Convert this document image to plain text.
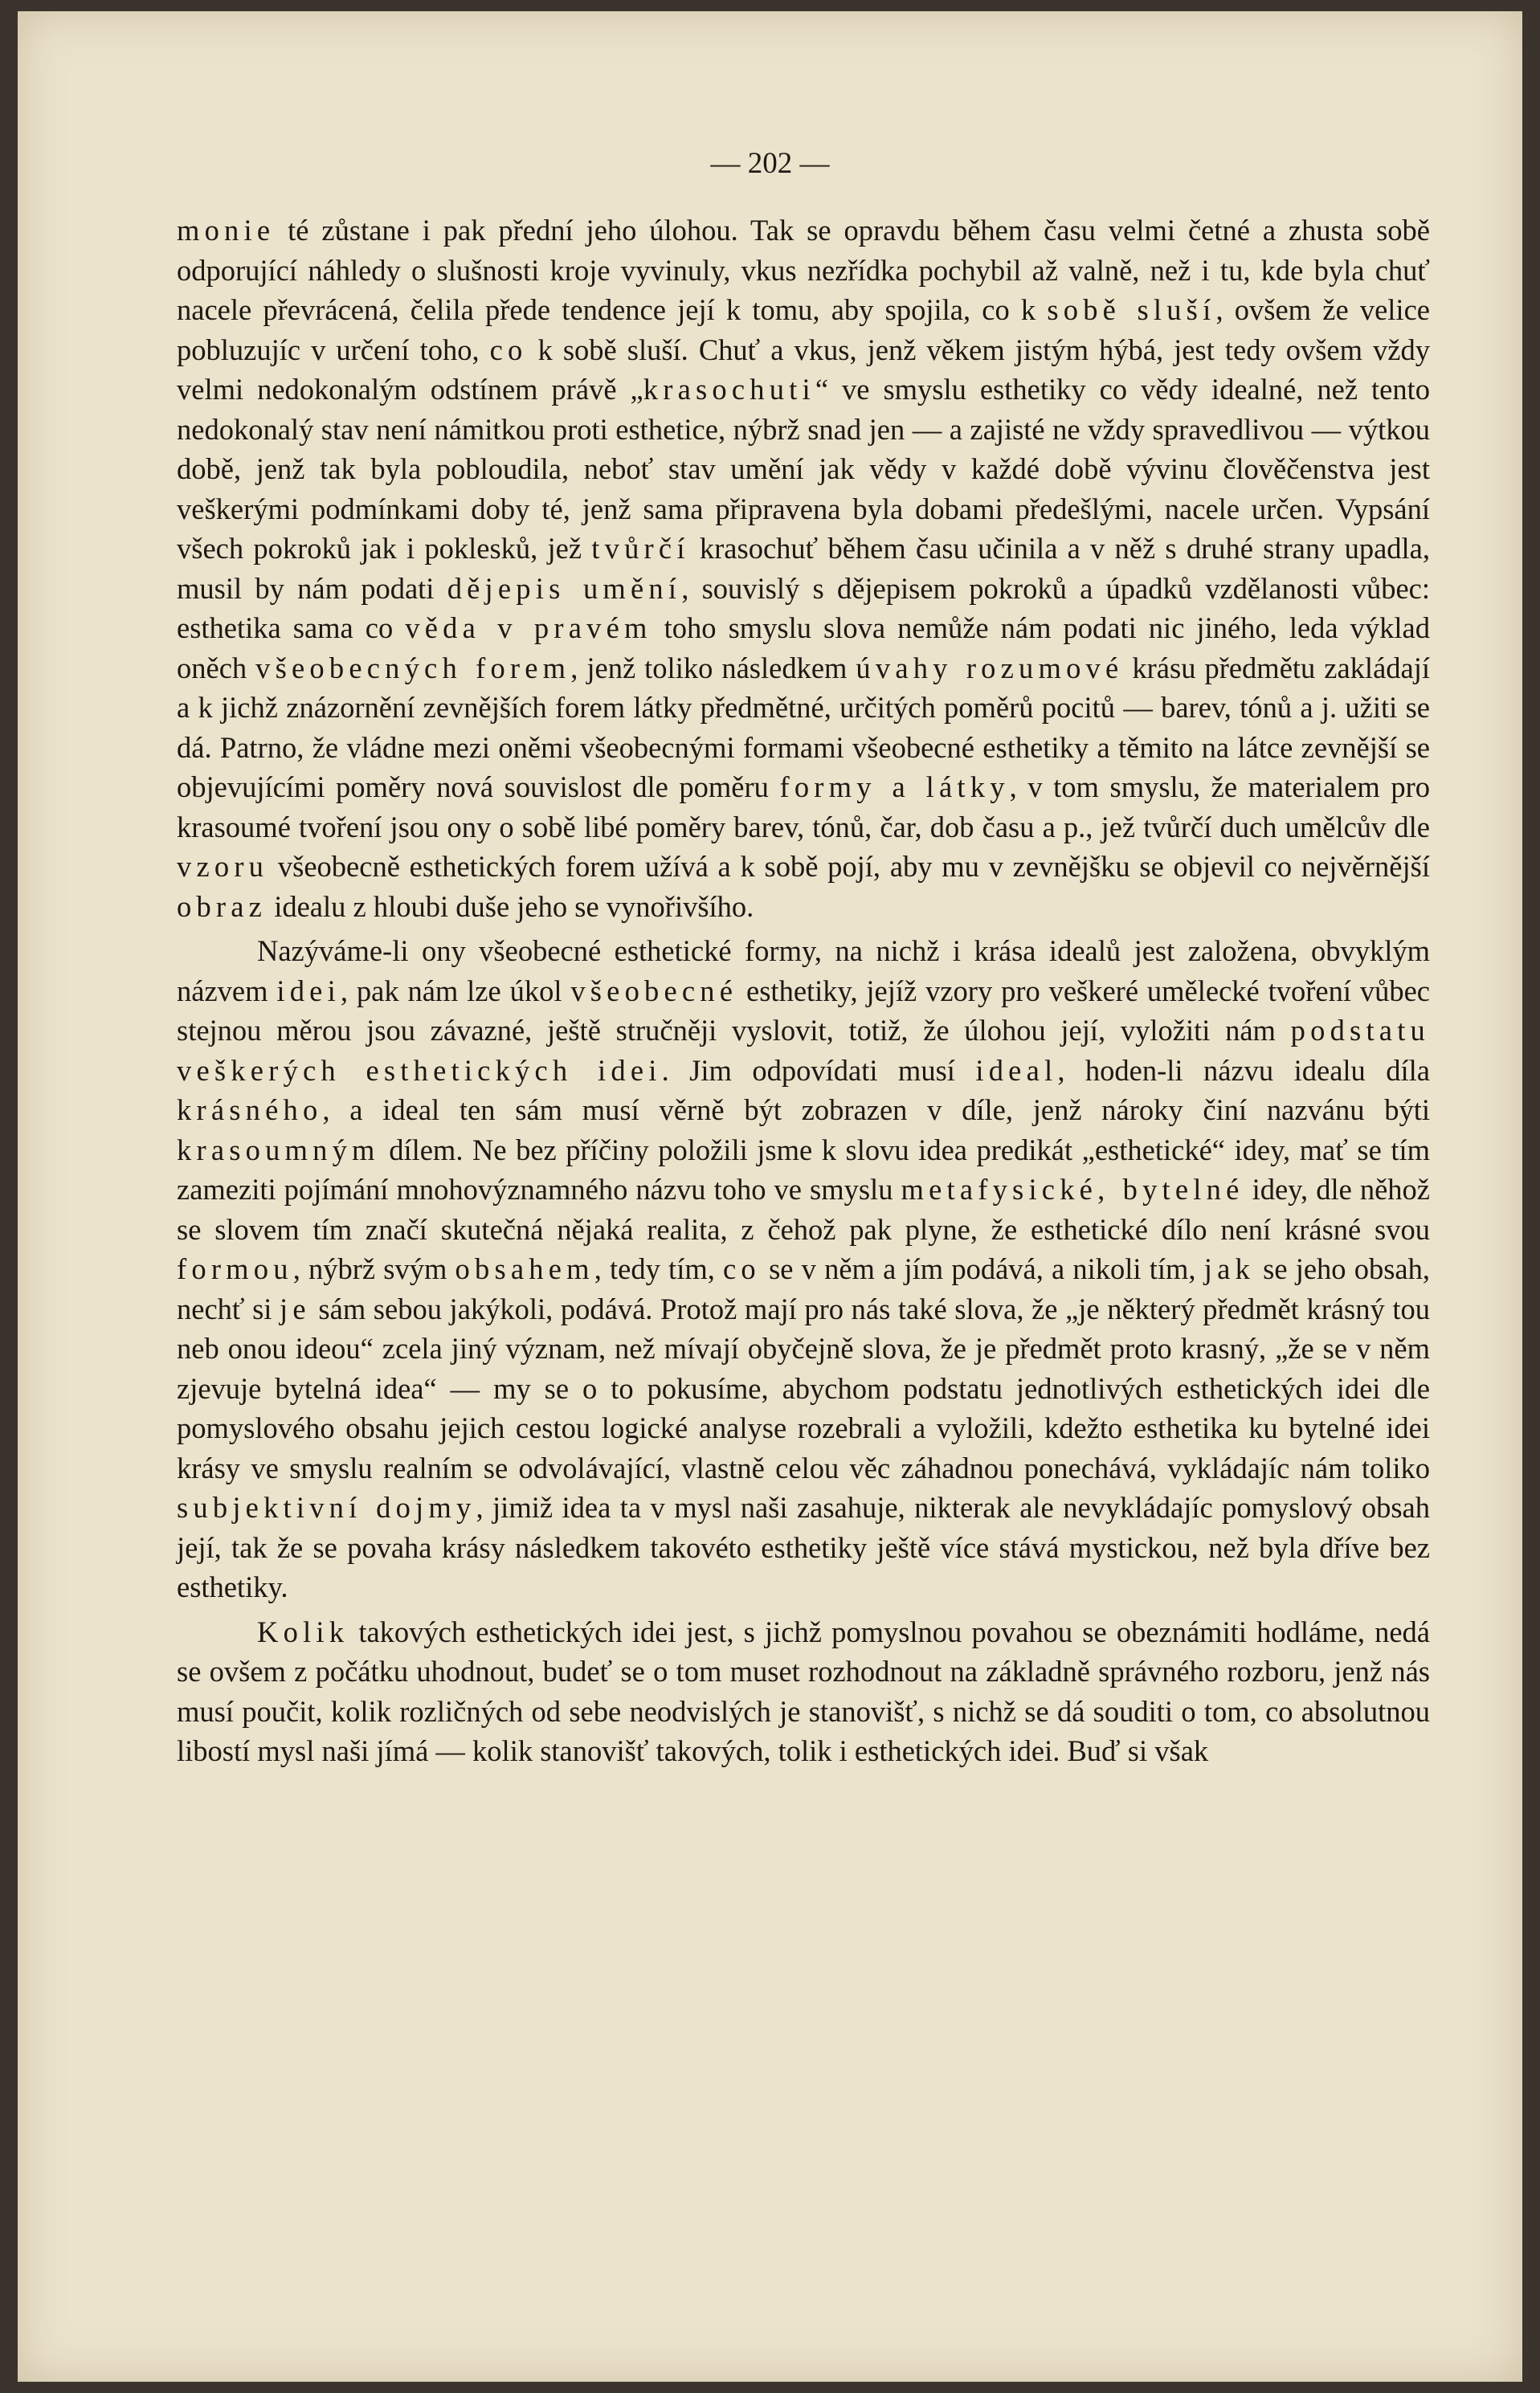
— 202 —

monie té zůstane i pak přední jeho úlohou. Tak se opravdu během času velmi četné a zhusta sobě odporující náhledy o slušnosti kroje vyvinuly, vkus nezřídka pochybil až valně, než i tu, kde byla chuť nacele převrácená, čelila přede tendence její k tomu, aby spojila, co k sobě sluší, ovšem že velice pobluzujíc v určení toho, co k sobě sluší. Chuť a vkus, jenž věkem jistým hýbá, jest tedy ovšem vždy velmi nedokonalým odstínem právě „krasochuti“ ve smyslu esthetiky co vědy idealné, než tento nedokonalý stav není námitkou proti esthetice, nýbrž snad jen — a zajisté ne vždy spravedlivou — výtkou době, jenž tak byla pobloudila, neboť stav umění jak vědy v každé době vývinu člověčenstva jest veškerými podmínkami doby té, jenž sama připravena byla dobami předešlými, nacele určen. Vypsání všech pokroků jak i poklesků, jež tvůrčí krasochuť během času učinila a v něž s druhé strany upadla, musil by nám podati dějepis umění, souvislý s dějepisem pokroků a úpadků vzdělanosti vůbec: esthetika sama co věda v pravém toho smyslu slova nemůže nám podati nic jiného, leda výklad oněch všeobecných forem, jenž toliko následkem úvahy rozumové krásu předmětu zakládají a k jichž znázornění zevnějších forem látky předmětné, určitých poměrů pocitů — barev, tónů a j. užiti se dá. Patrno, že vládne mezi oněmi všeobecnými formami všeobecné esthetiky a těmito na látce zevnější se objevujícími poměry nová souvislost dle poměru formy a látky, v tom smyslu, že materialem pro krasoumé tvoření jsou ony o sobě libé poměry barev, tónů, čar, dob času a p., jež tvůrčí duch umělcův dle vzoru všeobecně esthetických forem užívá a k sobě pojí, aby mu v zevnějšku se objevil co nejvěrnější obraz idealu z hloubi duše jeho se vynořivšího.

Nazýváme-li ony všeobecné esthetické formy, na nichž i krása idealů jest založena, obvyklým názvem idei, pak nám lze úkol všeobecné esthetiky, jejíž vzory pro veškeré umělecké tvoření vůbec stejnou měrou jsou závazné, ještě stručněji vyslovit, totiž, že úlohou její, vyložiti nám podstatu veškerých esthetických idei. Jim odpovídati musí ideal, hoden-li názvu idealu díla krásného, a ideal ten sám musí věrně být zobrazen v díle, jenž nároky činí nazvánu býti krasoumným dílem. Ne bez příčiny položili jsme k slovu idea predikát „esthetické“ idey, mať se tím zameziti pojímání mnohovýznamného názvu toho ve smyslu metafysické, bytelné idey, dle něhož se slovem tím značí skutečná nějaká realita, z čehož pak plyne, že esthetické dílo není krásné svou formou, nýbrž svým obsahem, tedy tím, co se v něm a jím podává, a nikoli tím, jak se jeho obsah, nechť si je sám sebou jakýkoli, podává. Protož mají pro nás také slova, že „je některý předmět krásný tou neb onou ideou“ zcela jiný význam, než mívají obyčejně slova, že je předmět proto krasný, „že se v něm zjevuje bytelná idea“ — my se o to pokusíme, abychom podstatu jednotlivých esthetických idei dle pomyslového obsahu jejich cestou logické analyse rozebrali a vyložili, kdežto esthetika ku bytelné idei krásy ve smyslu realním se odvolávající, vlastně celou věc záhadnou ponechává, vykládajíc nám toliko subjektivní dojmy, jimiž idea ta v mysl naši zasahuje, nikterak ale nevykládajíc pomyslový obsah její, tak že se povaha krásy následkem takovéto esthetiky ještě více stává mystickou, než byla dříve bez esthetiky.

Kolik takových esthetických idei jest, s jichž pomyslnou povahou se obeznámiti hodláme, nedá se ovšem z počátku uhodnout, budeť se o tom muset rozhodnout na základně správného rozboru, jenž nás musí poučit, kolik rozličných od sebe neodvislých je stanovišť, s nichž se dá souditi o tom, co absolutnou libostí mysl naši jímá — kolik stanovišť takových, tolik i esthetických idei. Buď si však
